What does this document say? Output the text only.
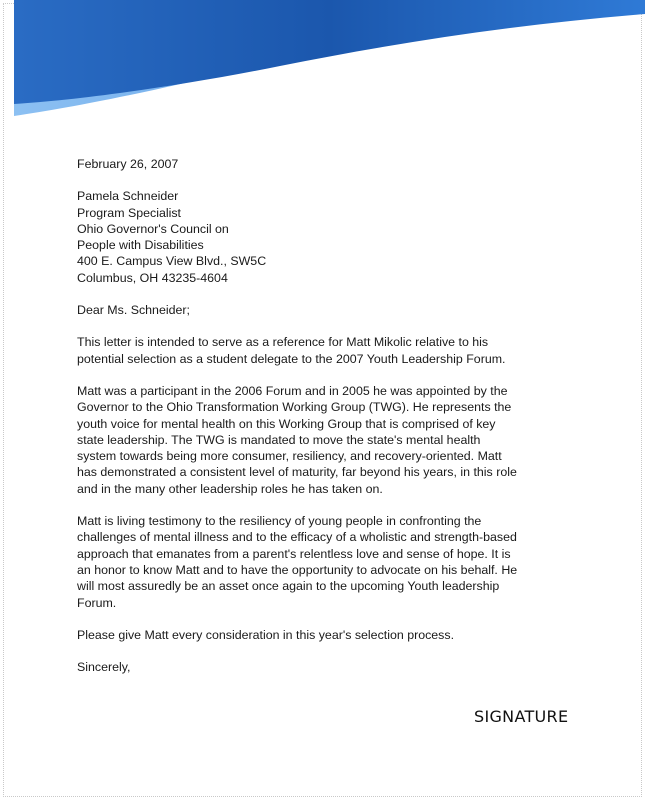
February 26, 2007

Pamela Schneider

Program Specialist

Ohio Governor's Council on

People with Disabilities

400 E. Campus View Blvd., SW5C

Columbus, OH 43235-4604

Dear Ms. Schneider;

This letter is intended to serve as a reference for Matt Mikolic relative to his
potential selection as a student delegate to the 2007 Youth Leadership Forum.

Matt was a participant in the 2006 Forum and in 2005 he was appointed by the
Governor to the Ohio Transformation Working Group (TWG). He represents the
youth voice for mental health on this Working Group that is comprised of key
state leadership. The TWG is mandated to move the state's mental health
system towards being more consumer, resiliency, and recovery-oriented. Matt
has demonstrated a consistent level of maturity, far beyond his years, in this role
and in the many other leadership roles he has taken on.

Matt is living testimony to the resiliency of young people in confronting the
challenges of mental illness and to the efficacy of a wholistic and strength-based
approach that emanates from a parent's relentless love and sense of hope. It is
an honor to know Matt and to have the opportunity to advocate on his behalf. He
will most assuredly be an asset once again to the upcoming Youth leadership
Forum.

Please give Matt every consideration in this year's selection process.

Sincerely,

SIGNATURE
